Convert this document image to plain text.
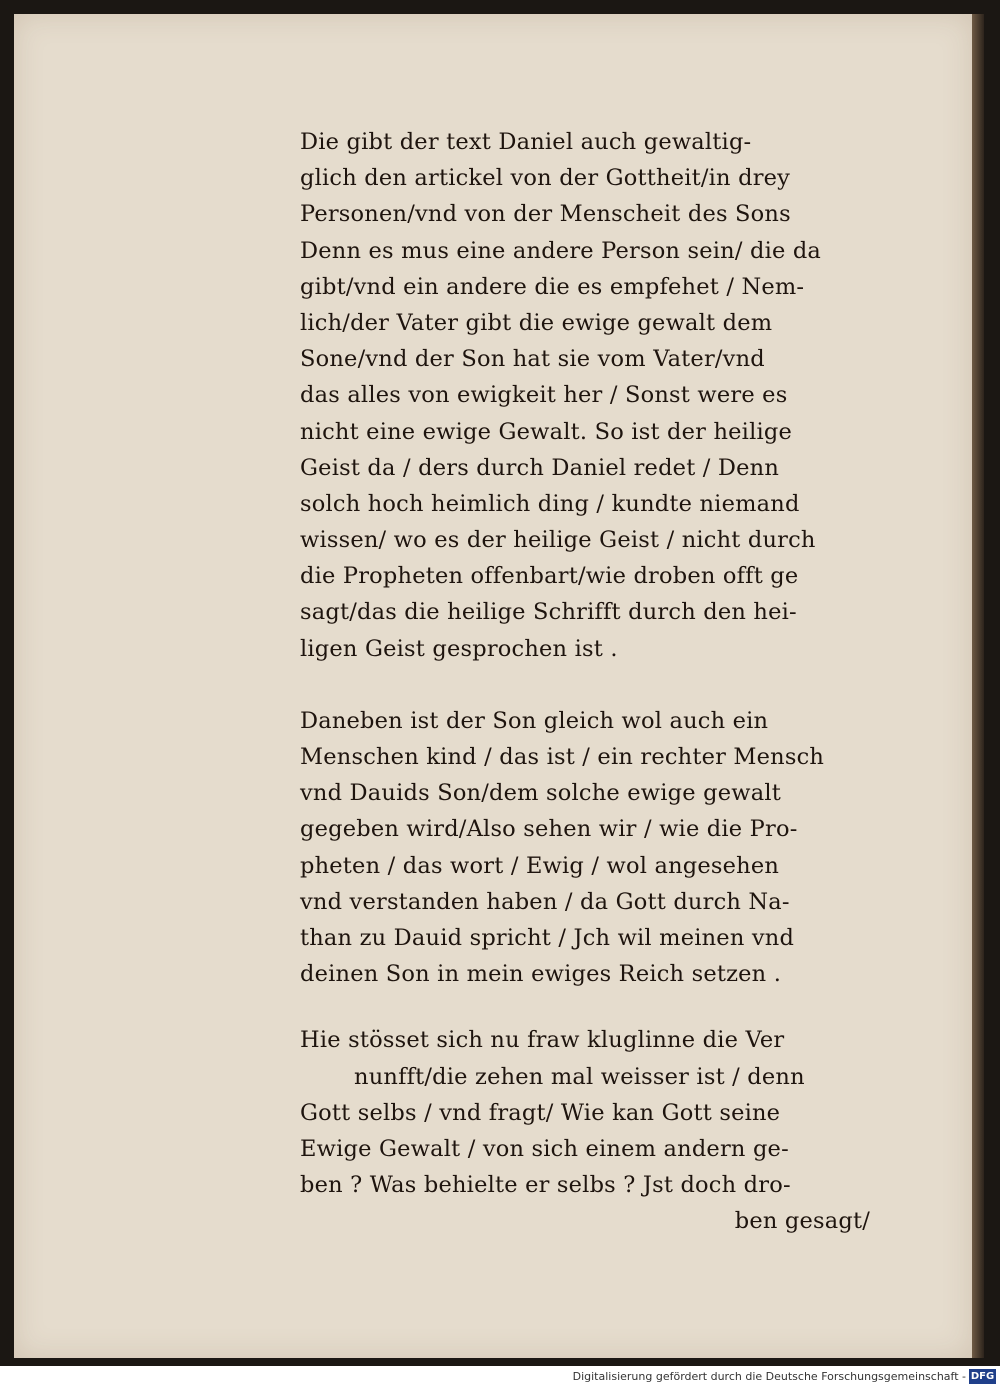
Die gibt der text Daniel auch gewaltig-
glich den artickel von der Gottheit/in drey
Personen/vnd von der Menscheit des Sons
Denn es mus eine andere Person sein/ die da
gibt/vnd ein andere die es empfehet / Nem-
lich/der Vater gibt die ewige gewalt dem
Sone/vnd der Son hat sie vom Vater/vnd
das alles von ewigkeit her / Sonst were es
nicht eine ewige Gewalt. So ist der heilige
Geist da / ders durch Daniel redet / Denn
solch hoch heimlich ding / kundte niemand
wissen/ wo es der heilige Geist / nicht durch
die Propheten offenbart/wie droben offt ge
sagt/das die heilige Schrifft durch den hei-
ligen Geist gesprochen ist .

Daneben ist der Son gleich wol auch ein
Menschen kind / das ist / ein rechter Mensch
vnd Dauids Son/dem solche ewige gewalt
gegeben wird/Also sehen wir / wie die Pro-
pheten / das wort / Ewig / wol angesehen
vnd verstanden haben / da Gott durch Na-
than zu Dauid spricht / Jch wil meinen vnd
deinen Son in mein ewiges Reich setzen .

Hie stösset sich nu fraw kluglinne die Ver
nunfft/die zehen mal weisser ist / denn
Gott selbs / vnd fragt/ Wie kan Gott seine
Ewige Gewalt / von sich einem andern ge-
ben ? Was behielte er selbs ? Jst doch dro-
ben gesagt/

Digitalisierung gefördert durch die Deutsche Forschungsgemeinschaft - DFG
